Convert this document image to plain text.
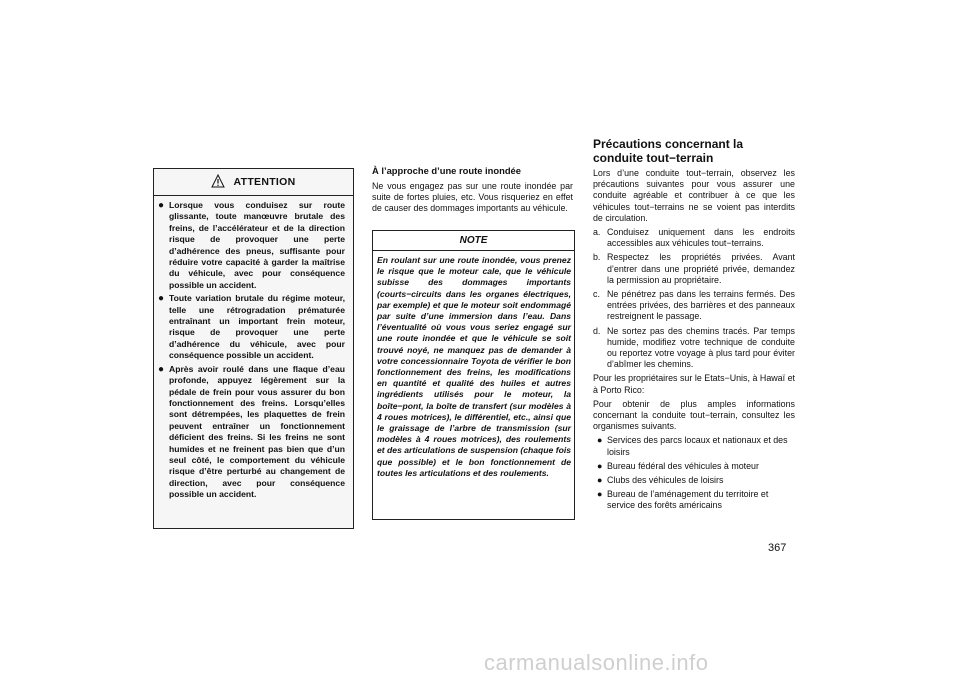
ATTENTION
● Lorsque vous conduisez sur route glissante, toute manœuvre brutale des freins, de l’accélérateur et de la direction risque de provoquer une perte d’adhérence des pneus, suffisante pour réduire votre capacité à garder la maîtrise du véhicule, avec pour conséquence possible un accident.
● Toute variation brutale du régime moteur, telle une rétrogradation prématurée entraînant un important frein moteur, risque de provoquer une perte d’adhérence du véhicule, avec pour conséquence possible un accident.
● Après avoir roulé dans une flaque d’eau profonde, appuyez légèrement sur la pédale de frein pour vous assurer du bon fonctionnement des freins. Lorsqu’elles sont détrempées, les plaquettes de frein peuvent entraîner un fonctionnement déficient des freins. Si les freins ne sont humides et ne freinent pas bien que d’un seul côté, le comportement du véhicule risque d’être perturbé au changement de direction, avec pour conséquence possible un accident.
À l’approche d’une route inondée
Ne vous engagez pas sur une route inondée par suite de fortes pluies, etc. Vous risqueriez en effet de causer des dommages importants au véhicule.
NOTE
En roulant sur une route inondée, vous prenez le risque que le moteur cale, que le véhicule subisse des dommages importants (courts−circuits dans les organes électriques, par exemple) et que le moteur soit endommagé par suite d’une immersion dans l’eau. Dans l’éventualité où vous vous seriez engagé sur une route inondée et que le véhicule se soit trouvé noyé, ne manquez pas de demander à votre concessionnaire Toyota de vérifier le bon fonctionnement des freins, les modifications en quantité et qualité des huiles et autres ingrédients utilisés pour le moteur, la boîte−pont, la boîte de transfert (sur modèles à 4 roues motrices), le différentiel, etc., ainsi que le graissage de l’arbre de transmission (sur modèles à 4 roues motrices), des roulements et des articulations de suspension (chaque fois que possible) et le bon fonctionnement de toutes les articulations et des roulements.
Précautions concernant la
conduite tout−terrain

Lors d’une conduite tout−terrain, observez les précautions suivantes pour vous assurer une conduite agréable et contribuer à ce que les véhicules tout−terrains ne se voient pas interdits de circulation.

a. Conduisez uniquement dans les endroits accessibles aux véhicules tout−terrains.
b. Respectez les propriétés privées. Avant d’entrer dans une propriété privée, demandez la permission au propriétaire.
c. Ne pénétrez pas dans les terrains fermés. Des entrées privées, des barrières et des panneaux restreignent le passage.
d. Ne sortez pas des chemins tracés. Par temps humide, modifiez votre technique de conduite ou reportez votre voyage à plus tard pour éviter d’abîmer les chemins.

Pour les propriétaires sur le Etats−Unis, à Hawaï et à Porto Rico:

Pour obtenir de plus amples informations concernant la conduite tout−terrain, consultez les organismes suivants.

● Services des parcs locaux et nationaux et des loisirs
● Bureau fédéral des véhicules à moteur
● Clubs des véhicules de loisirs
● Bureau de l’aménagement du territoire et service des forêts américains
367
carmanualsonline.info
